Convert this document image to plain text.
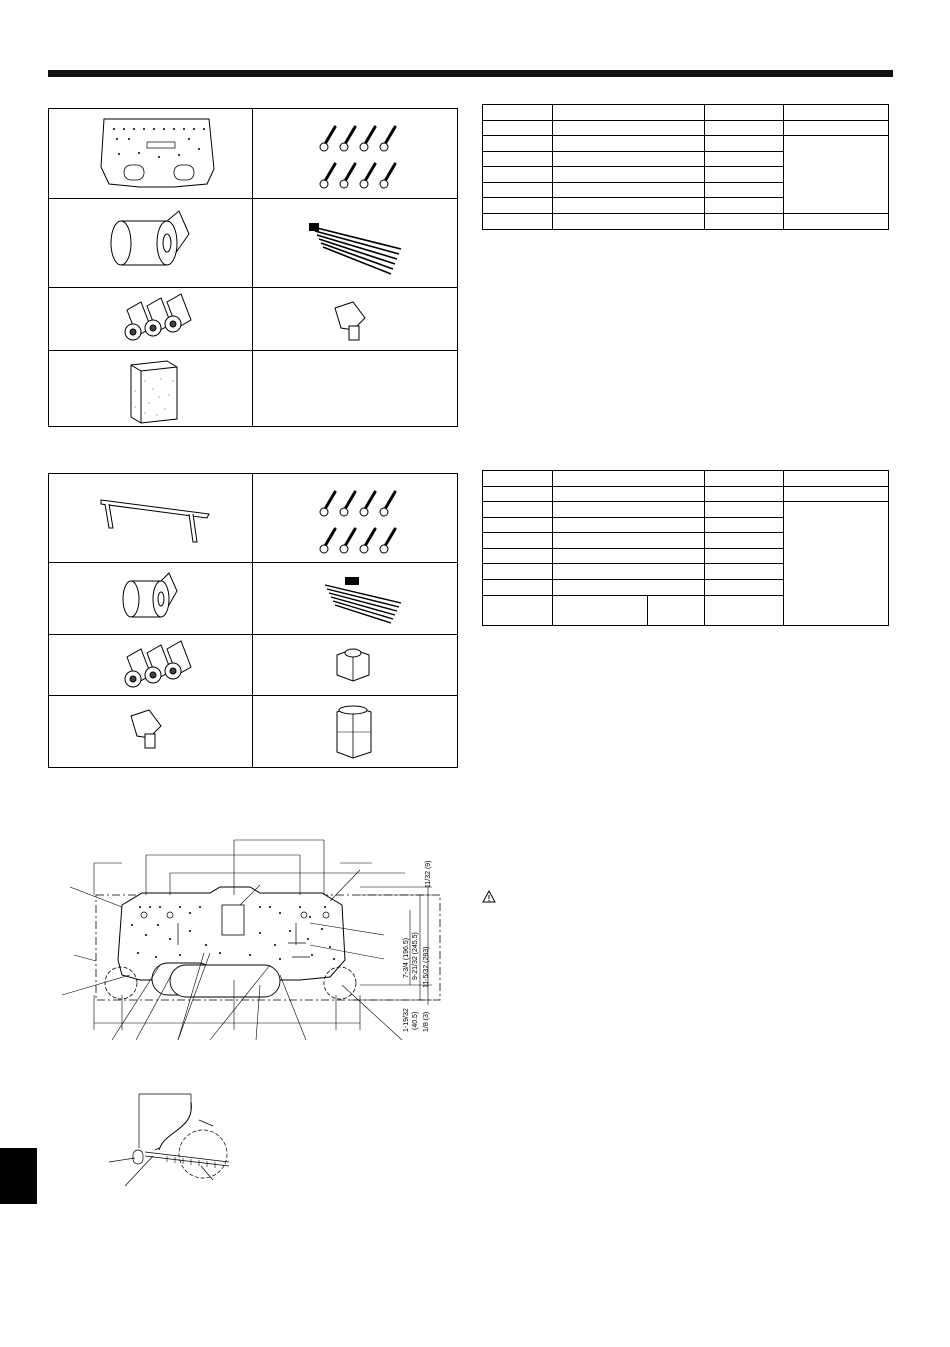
11/32 (9)
7-3/4 (196.5) 9-21/32 (245.5) 11-5/32 (283)
1-19/32 (40.5) 1/8 (3)
